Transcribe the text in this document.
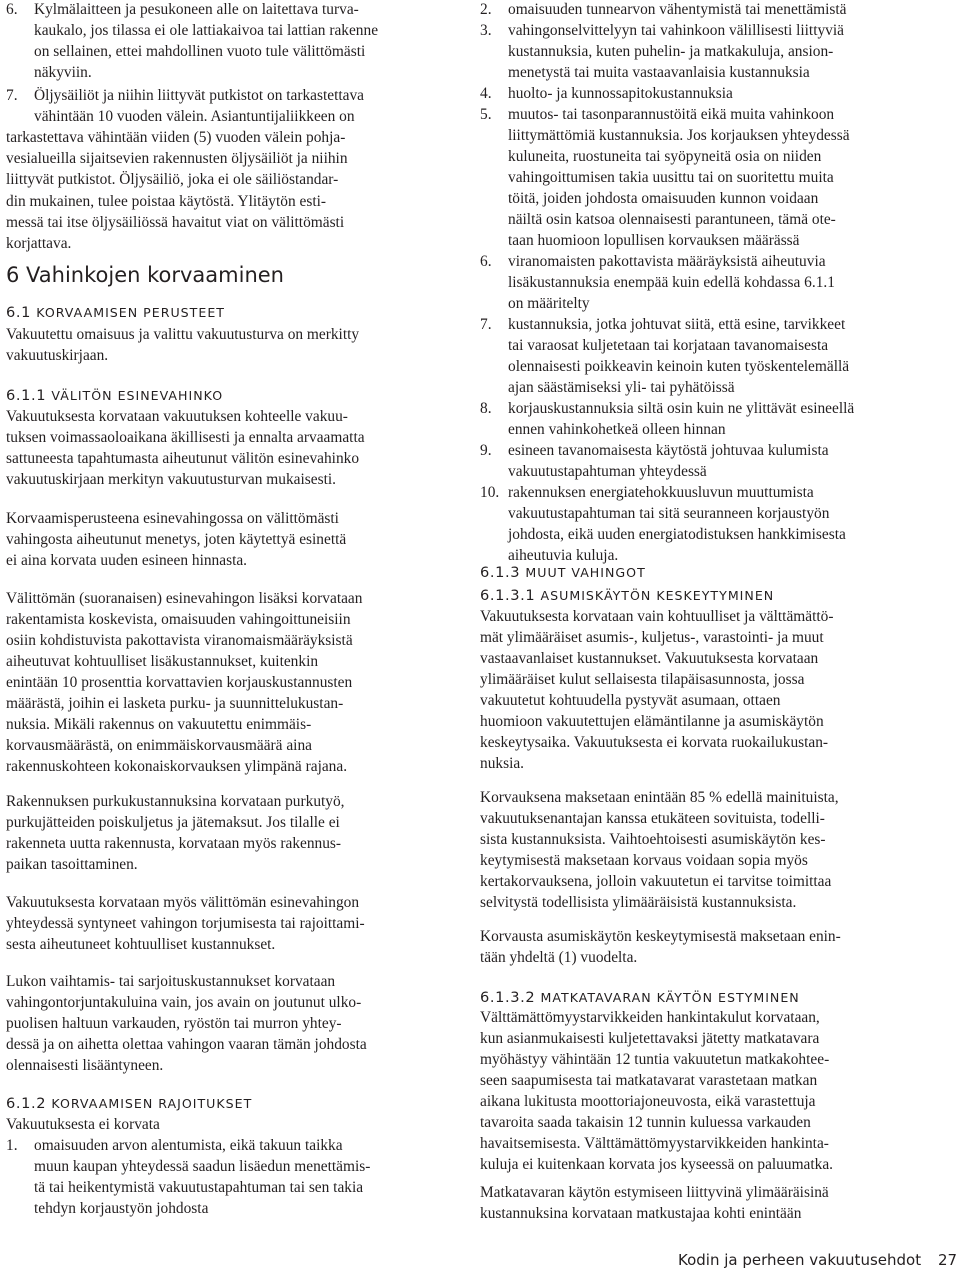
6. Kylmälaitteen ja pesukoneen alle on laitettava turva-
kaukalo, jos tilassa ei ole lattiakaivoa tai lattian rakenne
on sellainen, ettei mahdollinen vuoto tule välittömästi
näkyviin.
7. Öljysäiliöt ja niihin liittyvät putkistot on tarkastettava
vähintään 10 vuoden välein. Asiantuntijaliikkeen on
tarkastettava vähintään viiden (5) vuoden välein pohja-
vesialueilla sijaitsevien rakennusten öljysäiliöt ja niihin
liittyvät putkistot. Öljysäiliö, joka ei ole säiliöstandar-
din mukainen, tulee poistaa käytöstä. Ylitäytön esti-
messä tai itse öljysäiliössä havaitut viat on välittömästi
korjattava.
6 Vahinkojen korvaaminen
6.1 KORVAAMISEN PERUSTEET
Vakuutettu omaisuus ja valittu vakuutusturva on merkitty
vakuutuskirjaan.
6.1.1 VÄLITÖN ESINEVAHINKO
Vakuutuksesta korvataan vakuutuksen kohteelle vakuu-
tuksen voimassaoloaikana äkillisesti ja ennalta arvaamatta
sattuneesta tapahtumasta aiheutunut välitön esinevahinko
vakuutuskirjaan merkityn vakuutusturvan mukaisesti.
Korvaamisperusteena esinevahingossa on välittömästi
vahingosta aiheutunut menetys, joten käytettyä esinettä
ei aina korvata uuden esineen hinnasta.
Välittömän (suoranaisen) esinevahingon lisäksi korvataan
rakentamista koskevista, omaisuuden vahingoittuneisiin
osiin kohdistuvista pakottavista viranomaismääräyksistä
aiheutuvat kohtuulliset lisäkustannukset, kuitenkin
enintään 10 prosenttia korvattavien korjauskustannusten
määrästä, joihin ei lasketa purku- ja suunnittelukustan-
nuksia. Mikäli rakennus on vakuutettu enimmäis-
korvausmäärästä, on enimmäiskorvausmäärä aina
rakennuskohteen kokonaiskorvauksen ylimpänä rajana.
Rakennuksen purkukustannuksina korvataan purkutyö,
purkujätteiden poiskuljetus ja jätemaksut. Jos tilalle ei
rakenneta uutta rakennusta, korvataan myös rakennus-
paikan tasoittaminen.
Vakuutuksesta korvataan myös välittömän esinevahingon
yhteydessä syntyneet vahingon torjumisesta tai rajoittami-
sesta aiheutuneet kohtuulliset kustannukset.
Lukon vaihtamis- tai sarjoituskustannukset korvataan
vahingontorjuntakuluina vain, jos avain on joutunut ulko-
puolisen haltuun varkauden, ryöstön tai murron yhtey-
dessä ja on aihetta olettaa vahingon vaaran tämän johdosta
olennaisesti lisääntyneen.
6.1.2 KORVAAMISEN RAJOITUKSET
Vakuutuksesta ei korvata
1. omaisuuden arvon alentumista, eikä takuun taikka
muun kaupan yhteydessä saadun lisäedun menettämis-
tä tai heikentymistä vakuutustapahtuman tai sen takia
tehdyn korjaustyön johdosta
2. omaisuuden tunnearvon vähentymistä tai menettämistä
3. vahingonselvittelyyn tai vahinkoon välillisesti liittyviä
kustannuksia, kuten puhelin- ja matkakuluja, ansion-
menetystä tai muita vastaavanlaisia kustannuksia
4. huolto- ja kunnossapitokustannuksia
5. muutos- tai tasonparannustöitä eikä muita vahinkoon
liittymättömiä kustannuksia. Jos korjauksen yhteydessä
kuluneita, ruostuneita tai syöpyneitä osia on niiden
vahingoittumisen takia uusittu tai on suoritettu muita
töitä, joiden johdosta omaisuuden kunnon voidaan
näiltä osin katsoa olennaisesti parantuneen, tämä ote-
taan huomioon lopullisen korvauksen määrässä
6. viranomaisten pakottavista määräyksistä aiheutuvia
lisäkustannuksia enempää kuin edellä kohdassa 6.1.1
on määritelty
7. kustannuksia, jotka johtuvat siitä, että esine, tarvikkeet
tai varaosat kuljetetaan tai korjataan tavanomaisesta
olennaisesti poikkeavin keinoin kuten työskentelemällä
ajan säästämiseksi yli- tai pyhätöissä
8. korjauskustannuksia siltä osin kuin ne ylittävät esineellä
ennen vahinkohetkeä olleen hinnan
9. esineen tavanomaisesta käytöstä johtuvaa kulumista
vakuutustapahtuman yhteydessä
10. rakennuksen energiatehokkuusluvun muuttumista
vakuutustapahtuman tai sitä seuranneen korjaustyön
johdosta, eikä uuden energiatodistuksen hankkimisesta
aiheutuvia kuluja.
6.1.3 MUUT VAHINGOT
6.1.3.1 ASUMISKÄYTÖN KESKEYTYMINEN
Vakuutuksesta korvataan vain kohtuulliset ja välttämättö-
mät ylimääräiset asumis-, kuljetus-, varastointi- ja muut
vastaavanlaiset kustannukset. Vakuutuksesta korvataan
ylimääräiset kulut sellaisesta tilapäisasunnosta, jossa
vakuutetut kohtuudella pystyvät asumaan, ottaen
huomioon vakuutettujen elämäntilanne ja asumiskäytön
keskeytysaika. Vakuutuksesta ei korvata ruokailukustan-
nuksia.
Korvauksena maksetaan enintään 85 % edellä mainituista,
vakuutuksenantajan kanssa etukäteen sovituista, todelli-
sista kustannuksista. Vaihtoehtoisesti asumiskäytön kes-
keytymisestä maksetaan korvaus voidaan sopia myös
kertakorvauksena, jolloin vakuutetun ei tarvitse toimittaa
selvitystä todellisista ylimääräisistä kustannuksista.
Korvausta asumiskäytön keskeytymisestä maksetaan enin-
tään yhdeltä (1) vuodelta.
6.1.3.2 MATKATAVARAN KÄYTÖN ESTYMINEN
Välttämättömyystarvikkeiden hankintakulut korvataan,
kun asianmukaisesti kuljetettavaksi jätetty matkatavara
myöhästyy vähintään 12 tuntia vakuutetun matkakohtee-
seen saapumisesta tai matkatavarat varastetaan matkan
aikana lukitusta moottoriajoneuvosta, eikä varastettuja
tavaroita saada takaisin 12 tunnin kuluessa varkauden
havaitsemisesta. Välttämättömyystarvikkeiden hankinta-
kuluja ei kuitenkaan korvata jos kyseessä on paluumatka.
Matkatavaran käytön estymiseen liittyvinä ylimääräisinä
kustannuksina korvataan matkustajaa kohti enintään
Kodin ja perheen vakuutusehdot 27
